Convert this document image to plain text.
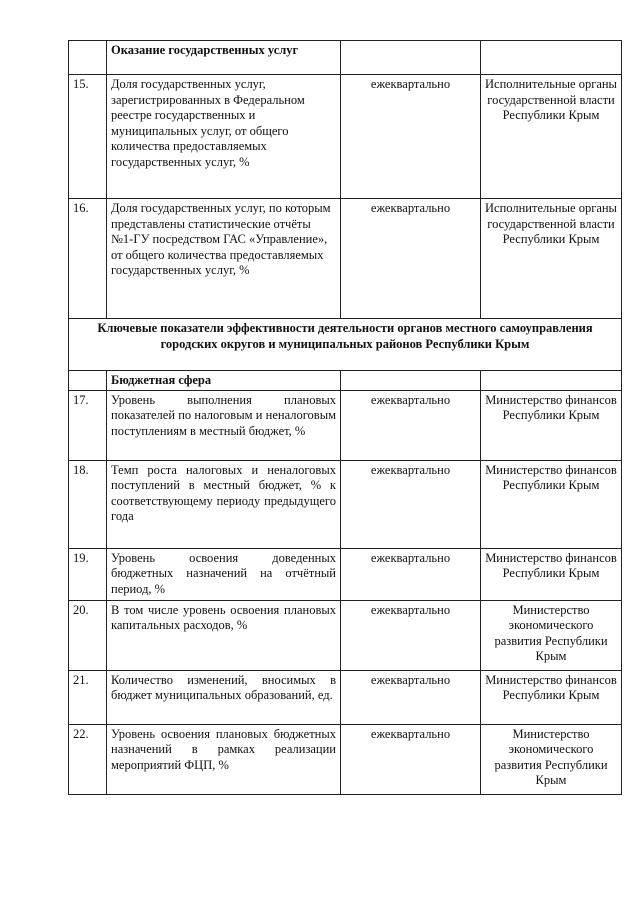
	Оказание государственных услуг		
15.	Доля государственных услуг, зарегистрированных в Федеральном реестре государственных и муниципальных услуг, от общего количества предоставляемых государственных услуг, %	ежеквартально	Исполнительные органы государственной власти Республики Крым
16.	Доля государственных услуг, по которым представлены статистические отчёты №1-ГУ посредством ГАС «Управление», от общего количества предоставляемых государственных услуг, %	ежеквартально	Исполнительные органы государственной власти Республики Крым
Ключевые показатели эффективности деятельности органов местного самоуправления городских округов и муниципальных районов Республики Крым			
	Бюджетная сфера		
17.	Уровень выполнения плановых показателей по налоговым и неналоговым поступлениям в местный бюджет, %	ежеквартально	Министерство финансов Республики Крым
18.	Темп роста налоговых и неналоговых поступлений в местный бюджет, % к соответствующему периоду предыдущего года	ежеквартально	Министерство финансов Республики Крым
19.	Уровень освоения доведенных бюджетных назначений на отчётный период, %	ежеквартально	Министерство финансов Республики Крым
20.	В том числе уровень освоения плановых капитальных расходов, %	ежеквартально	Министерство экономического развития Республики Крым
21.	Количество изменений, вносимых в бюджет муниципальных образований, ед.	ежеквартально	Министерство финансов Республики Крым
22.	Уровень освоения плановых бюджетных назначений в рамках реализации мероприятий ФЦП, %	ежеквартально	Министерство экономического развития Республики Крым
